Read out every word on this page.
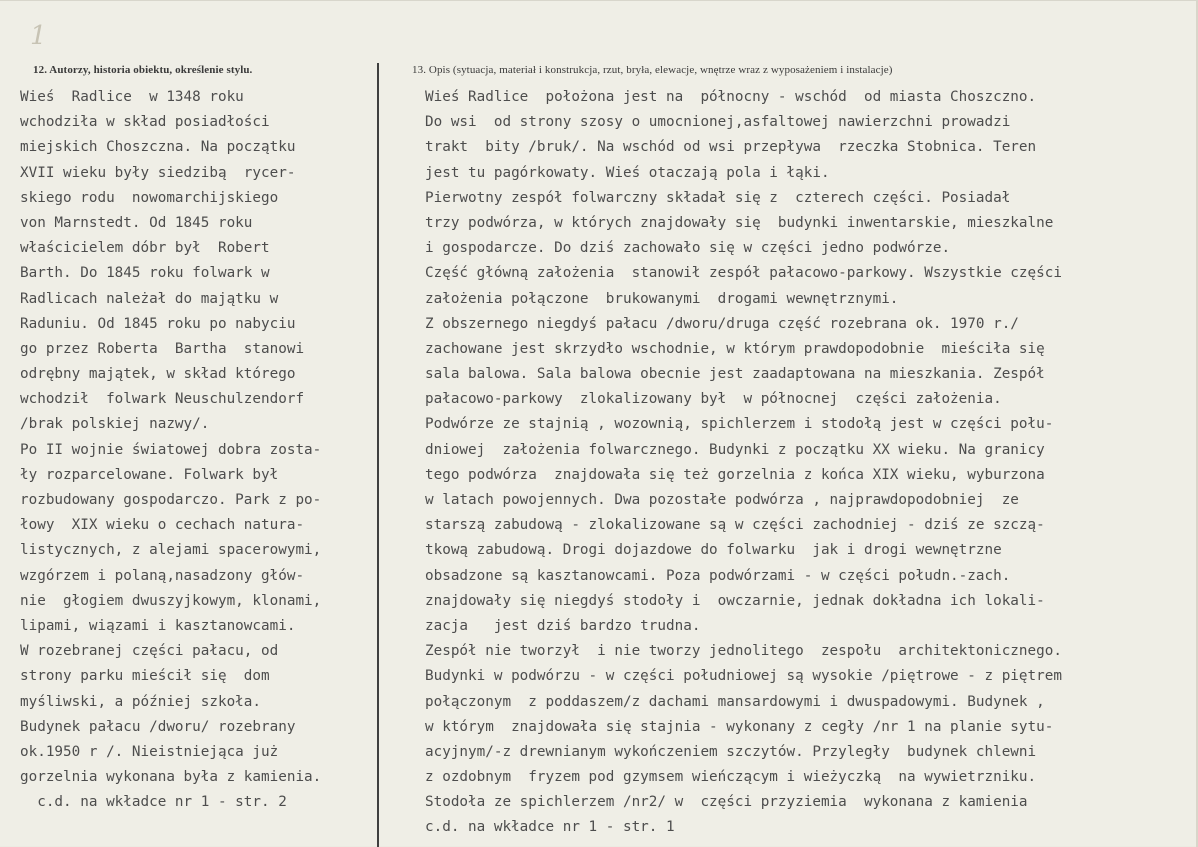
1
12. Autorzy, historia obiektu, określenie stylu.	13. Opis (sytuacja, materiał i konstrukcja, rzut, bryła, elewacje, wnętrze wraz z wyposażeniem i instalacje)
Wieś  Radlice  w 1348 roku
wchodziła w skład posiadłości
miejskich Choszczna. Na początku
XVII wieku były siedzibą  rycer-
skiego rodu  nowomarchijskiego
von Marnstedt. Od 1845 roku
właścicielem dóbr był  Robert
Barth. Do 1845 roku folwark w
Radlicach należał do majątku w
Raduniu. Od 1845 roku po nabyciu
go przez Roberta  Bartha  stanowi
odrębny majątek, w skład którego
wchodził  folwark Neuschulzendorf
/brak polskiej nazwy/.
Po II wojnie światowej dobra zosta-
ły rozparcelowane. Folwark był
rozbudowany gospodarczo. Park z po-
łowy  XIX wieku o cechach natura-
listycznych, z alejami spacerowymi,
wzgórzem i polaną,nasadzony głów-
nie  głogiem dwuszyjkowym, klonami,
lipami, wiązami i kasztanowcami.
W rozebranej części pałacu, od
strony parku mieścił się  dom
myśliwski, a później szkoła.
Budynek pałacu /dworu/ rozebrany
ok.1950 r /. Nieistniejąca już
gorzelnia wykonana była z kamienia.
c.d. na wkładce nr 1 - str. 2
Wieś Radlice  położona jest na  północny - wschód  od miasta Choszczno.
Do wsi  od strony szosy o umocnionej,asfaltowej nawierzchni prowadzi
trakt  bity /bruk/. Na wschód od wsi przepływa  rzeczka Stobnica. Teren
jest tu pagórkowaty. Wieś otaczają pola i łąki.
Pierwotny zespół folwarczny składał się z  czterech części. Posiadał
trzy podwórza, w których znajdowały się  budynki inwentarskie, mieszkalne
i gospodarcze. Do dziś zachowało się w części jedno podwórze.
Część główną założenia  stanowił zespół pałacowo-parkowy. Wszystkie części
założenia połączone  brukowanymi  drogami wewnętrznymi.
Z obszernego niegdyś pałacu /dworu/druga część rozebrana ok. 1970 r./
zachowane jest skrzydło wschodnie, w którym prawdopodobnie  mieściła się
sala balowa. Sala balowa obecnie jest zaadaptowana na mieszkania. Zespół
pałacowo-parkowy  zlokalizowany był  w północnej  części założenia.
Podwórze ze stajnią , wozownią, spichlerzem i stodołą jest w części połu-
dniowej  założenia folwarcznego. Budynki z początku XX wieku. Na granicy
tego podwórza  znajdowała się też gorzelnia z końca XIX wieku, wyburzona
w latach powojennych. Dwa pozostałe podwórza , najprawdopodobniej  ze
starszą zabudową - zlokalizowane są w części zachodniej - dziś ze szczą-
tkową zabudową. Drogi dojazdowe do folwarku  jak i drogi wewnętrzne
obsadzone są kasztanowcami. Poza podwórzami - w części połudn.-zach.
znajdowały się niegdyś stodoły i  owczarnie, jednak dokładna ich lokali-
zacja   jest dziś bardzo trudna.
Zespół nie tworzył  i nie tworzy jednolitego  zespołu  architektonicznego.
Budynki w podwórzu - w części południowej są wysokie /piętrowe - z piętrem
połączonym  z poddaszem/z dachami mansardowymi i dwuspadowymi. Budynek ,
w którym  znajdowała się stajnia - wykonany z cegły /nr 1 na planie sytu-
acyjnym/-z drewnianym wykończeniem szczytów. Przyległy  budynek chlewni
z ozdobnym  fryzem pod gzymsem wieńczącym i wieżyczką  na wywietrzniku.
Stodoła ze spichlerzem /nr2/ w  części przyziemia  wykonana z kamienia
c.d. na wkładce nr 1 - str. 1
